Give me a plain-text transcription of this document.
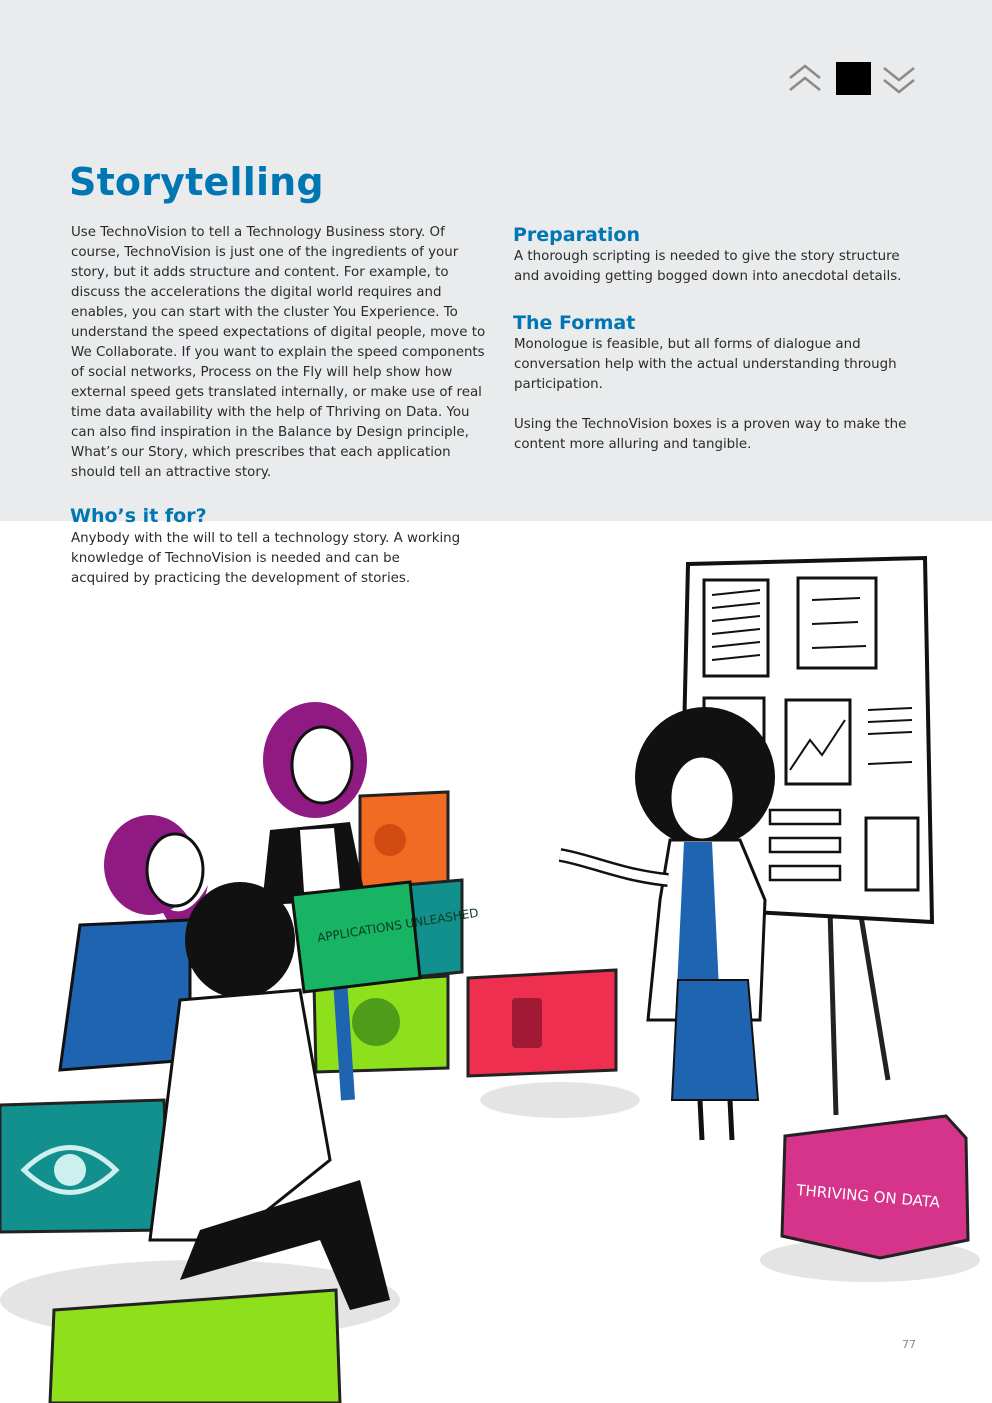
Storytelling

Use TechnoVision to tell a Technology Business story. Of course, TechnoVision is just one of the ingredients of your story, but it adds structure and content. For example, to discuss the accelerations the digital world requires and enables, you can start with the cluster You Experience. To understand the speed expectations of digital people, move to We Collaborate. If you want to explain the speed components of social networks, Process on the Fly will help show how external speed gets translated internally, or make use of real time data availability with the help of Thriving on Data. You can also find inspiration in the Balance by Design principle, What’s our Story, which prescribes that each application should tell an attractive story.

Who’s it for?

Anybody with the will to tell a technology story. A working knowledge of TechnoVision is needed and can be acquired by practicing the development of stories.

Preparation

A thorough scripting is needed to give the story structure and avoiding getting bogged down into anecdotal details.

The Format

Monologue is feasible, but all forms of dialogue and conversation help with the actual understanding through participation.

Using the TechnoVision boxes is a proven way to make the content more alluring and tangible.

APPLICATIONS UNLEASHED
THRIVING ON DATA
77
